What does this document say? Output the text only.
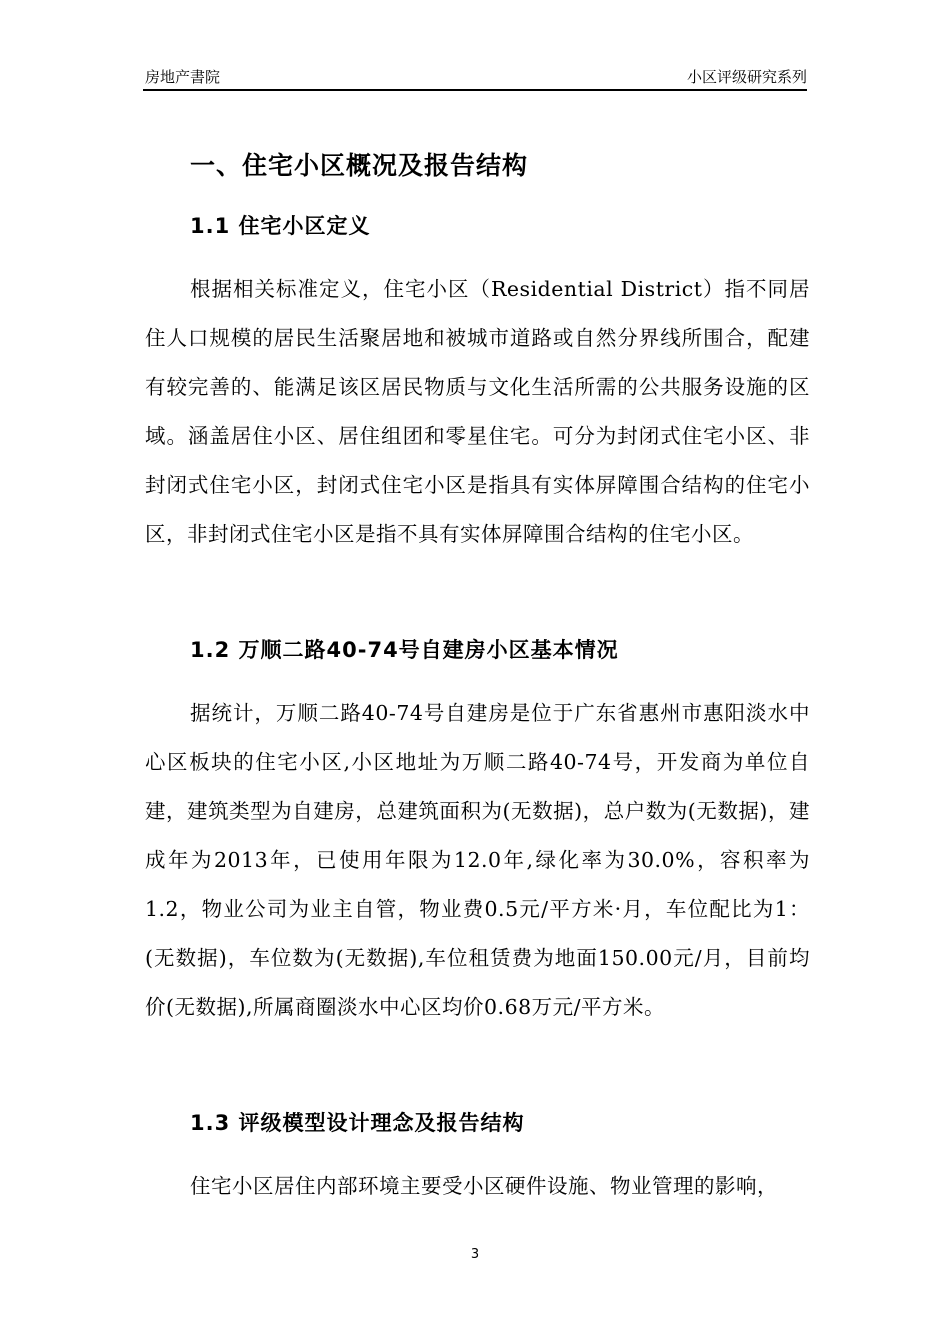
房地产書院	小区评级研究系列
一、住宅小区概况及报告结构
1.1 住宅小区定义
根据相关标准定义，住宅小区（Residential District）指不同居住人口规模的居民生活聚居地和被城市道路或自然分界线所围合，配建有较完善的、能满足该区居民物质与文化生活所需的公共服务设施的区域。涵盖居住小区、居住组团和零星住宅。可分为封闭式住宅小区、非封闭式住宅小区，封闭式住宅小区是指具有实体屏障围合结构的住宅小区，非封闭式住宅小区是指不具有实体屏障围合结构的住宅小区。
1.2 万顺二路40-74号自建房小区基本情况
据统计，万顺二路40-74号自建房是位于广东省惠州市惠阳淡水中心区板块的住宅小区,小区地址为万顺二路40-74号，开发商为单位自建，建筑类型为自建房，总建筑面积为(无数据)，总户数为(无数据)，建成年为2013年，已使用年限为12.0年,绿化率为30.0%，容积率为1.2，物业公司为业主自管，物业费0.5元/平方米·月，车位配比为1：(无数据)，车位数为(无数据),车位租赁费为地面150.00元/月，目前均价(无数据),所属商圈淡水中心区均价0.68万元/平方米。
1.3 评级模型设计理念及报告结构
住宅小区居住内部环境主要受小区硬件设施、物业管理的影响，
3
